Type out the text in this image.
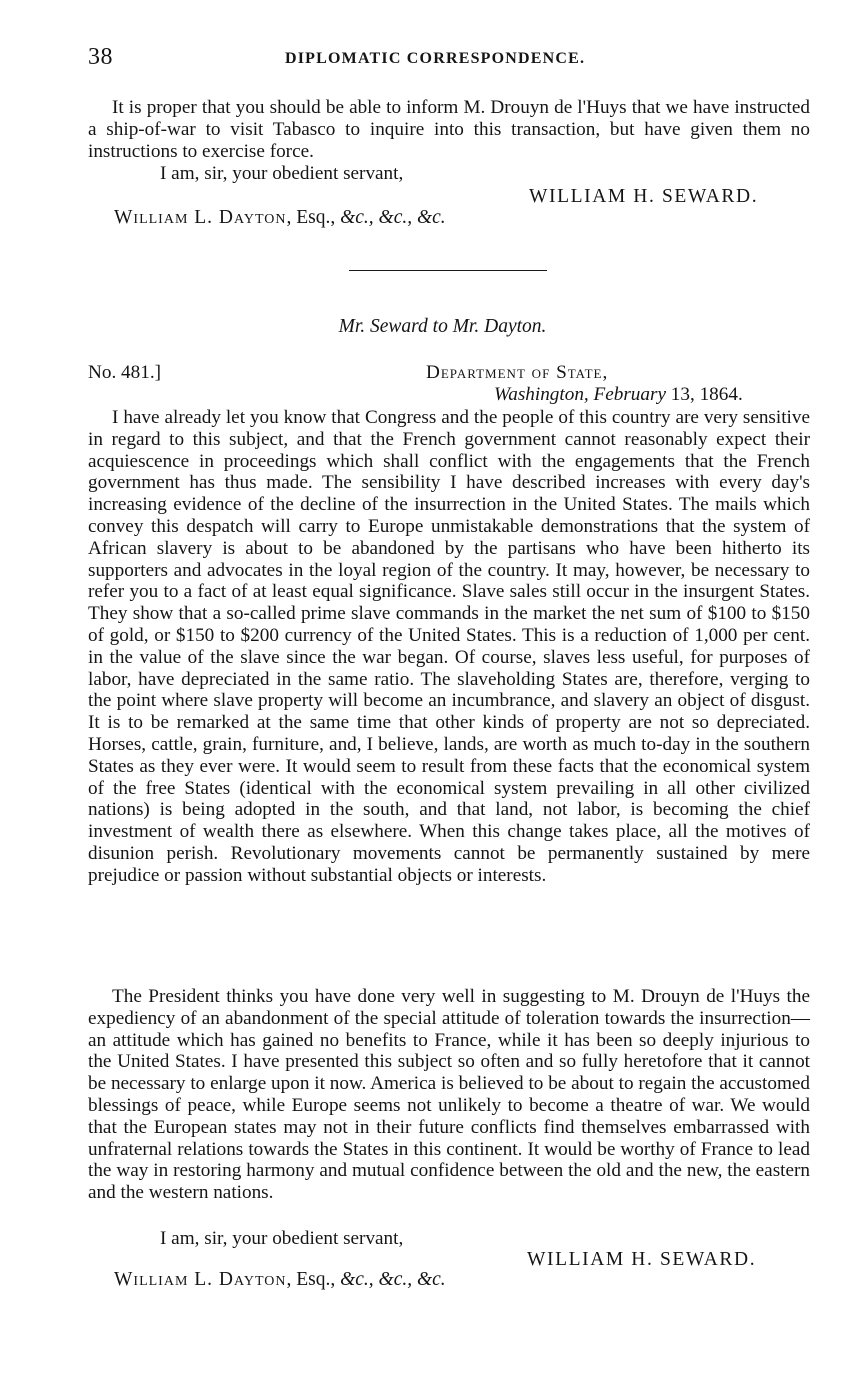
38	DIPLOMATIC CORRESPONDENCE.

It is proper that you should be able to inform M. Drouyn de l'Huys that we have instructed a ship-of-war to visit Tabasco to inquire into this transaction, but have given them no instructions to exercise force.

I am, sir, your obedient servant,
WILLIAM H. SEWARD.
William L. Dayton, Esq., &c., &c., &c.
Mr. Seward to Mr. Dayton.
No. 481.]	Department of State,
Washington, February 13, 1864.

I have already let you know that Congress and the people of this country are very sensitive in regard to this subject, and that the French government cannot reasonably expect their acquiescence in proceedings which shall conflict with the engagements that the French government has thus made. The sensibility I have described increases with every day's increasing evidence of the decline of the insurrection in the United States. The mails which convey this despatch will carry to Europe unmistakable demonstrations that the system of African slavery is about to be abandoned by the partisans who have been hitherto its supporters and advocates in the loyal region of the country. It may, however, be necessary to refer you to a fact of at least equal significance. Slave sales still occur in the insurgent States. They show that a so-called prime slave commands in the market the net sum of $100 to $150 of gold, or $150 to $200 currency of the United States. This is a reduction of 1,000 per cent. in the value of the slave since the war began. Of course, slaves less useful, for purposes of labor, have depreciated in the same ratio. The slaveholding States are, therefore, verging to the point where slave property will become an incumbrance, and slavery an object of disgust. It is to be remarked at the same time that other kinds of property are not so depreciated. Horses, cattle, grain, furniture, and, I believe, lands, are worth as much to-day in the southern States as they ever were. It would seem to result from these facts that the economical system of the free States (identical with the economical system prevailing in all other civilized nations) is being adopted in the south, and that land, not labor, is becoming the chief investment of wealth there as elsewhere. When this change takes place, all the motives of disunion perish. Revolutionary movements cannot be permanently sustained by mere prejudice or passion without substantial objects or interests.

The President thinks you have done very well in suggesting to M. Drouyn de l'Huys the expediency of an abandonment of the special attitude of toleration towards the insurrection—an attitude which has gained no benefits to France, while it has been so deeply injurious to the United States. I have presented this subject so often and so fully heretofore that it cannot be necessary to enlarge upon it now. America is believed to be about to regain the accustomed blessings of peace, while Europe seems not unlikely to become a theatre of war. We would that the European states may not in their future conflicts find themselves embarrassed with unfraternal relations towards the States in this continent. It would be worthy of France to lead the way in restoring harmony and mutual confidence between the old and the new, the eastern and the western nations.

I am, sir, your obedient servant,
WILLIAM H. SEWARD.
William L. Dayton, Esq., &c., &c., &c.
